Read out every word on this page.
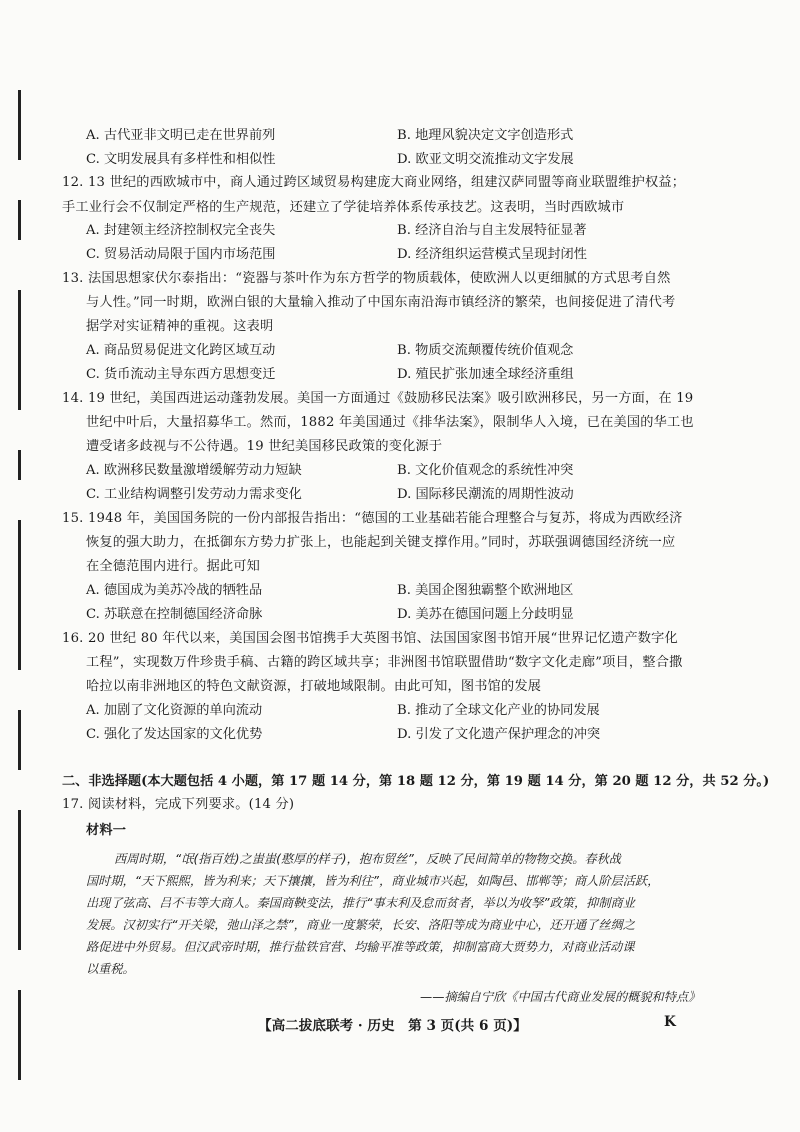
A. 古代亚非文明已走在世界前列	B. 地理风貌决定文字创造形式
C. 文明发展具有多样性和相似性	D. 欧亚文明交流推动文字发展
12. 13 世纪的西欧城市中，商人通过跨区域贸易构建庞大商业网络，组建汉萨同盟等商业联盟维护权益；
手工业行会不仅制定严格的生产规范，还建立了学徒培养体系传承技艺。这表明，当时西欧城市
A. 封建领主经济控制权完全丧失	B. 经济自治与自主发展特征显著
C. 贸易活动局限于国内市场范围	D. 经济组织运营模式呈现封闭性
13. 法国思想家伏尔泰指出：“瓷器与茶叶作为东方哲学的物质载体，使欧洲人以更细腻的方式思考自然
与人性。”同一时期，欧洲白银的大量输入推动了中国东南沿海市镇经济的繁荣，也间接促进了清代考
据学对实证精神的重视。这表明
A. 商品贸易促进文化跨区域互动	B. 物质交流颠覆传统价值观念
C. 货币流动主导东西方思想变迁	D. 殖民扩张加速全球经济重组
14. 19 世纪，美国西进运动蓬勃发展。美国一方面通过《鼓励移民法案》吸引欧洲移民，另一方面，在 19
世纪中叶后，大量招募华工。然而，1882 年美国通过《排华法案》，限制华人入境，已在美国的华工也
遭受诸多歧视与不公待遇。19 世纪美国移民政策的变化源于
A. 欧洲移民数量激增缓解劳动力短缺	B. 文化价值观念的系统性冲突
C. 工业结构调整引发劳动力需求变化	D. 国际移民潮流的周期性波动
15. 1948 年，美国国务院的一份内部报告指出：“德国的工业基础若能合理整合与复苏，将成为西欧经济
恢复的强大助力，在抵御东方势力扩张上，也能起到关键支撑作用。”同时，苏联强调德国经济统一应
在全德范围内进行。据此可知
A. 德国成为美苏冷战的牺牲品	B. 美国企图独霸整个欧洲地区
C. 苏联意在控制德国经济命脉	D. 美苏在德国问题上分歧明显
16. 20 世纪 80 年代以来，美国国会图书馆携手大英图书馆、法国国家图书馆开展“世界记忆遗产数字化
工程”，实现数万件珍贵手稿、古籍的跨区域共享；非洲图书馆联盟借助“数字文化走廊”项目，整合撒
哈拉以南非洲地区的特色文献资源，打破地域限制。由此可知，图书馆的发展
A. 加剧了文化资源的单向流动	B. 推动了全球文化产业的协同发展
C. 强化了发达国家的文化优势	D. 引发了文化遗产保护理念的冲突
二、非选择题(本大题包括 4 小题，第 17 题 14 分，第 18 题 12 分，第 19 题 14 分，第 20 题 12 分，共 52 分。)
17. 阅读材料，完成下列要求。(14 分)
材料一
西周时期，“氓(指百姓)之蚩蚩(憨厚的样子)，抱布贸丝”，反映了民间简单的物物交换。春秋战
国时期，“天下熙熙，皆为利来；天下攘攘，皆为利往”，商业城市兴起，如陶邑、邯郸等；商人阶层活跃，
出现了弦高、吕不韦等大商人。秦国商鞅变法，推行“事末利及怠而贫者，举以为收孥”政策，抑制商业
发展。汉初实行“开关梁，弛山泽之禁”，商业一度繁荣，长安、洛阳等成为商业中心，还开通了丝绸之
路促进中外贸易。但汉武帝时期，推行盐铁官营、均输平准等政策，抑制富商大贾势力，对商业活动课
以重税。
——摘编自宁欣《中国古代商业发展的概貌和特点》
【高二拔底联考 · 历史　第 3 页(共 6 页)】	K
